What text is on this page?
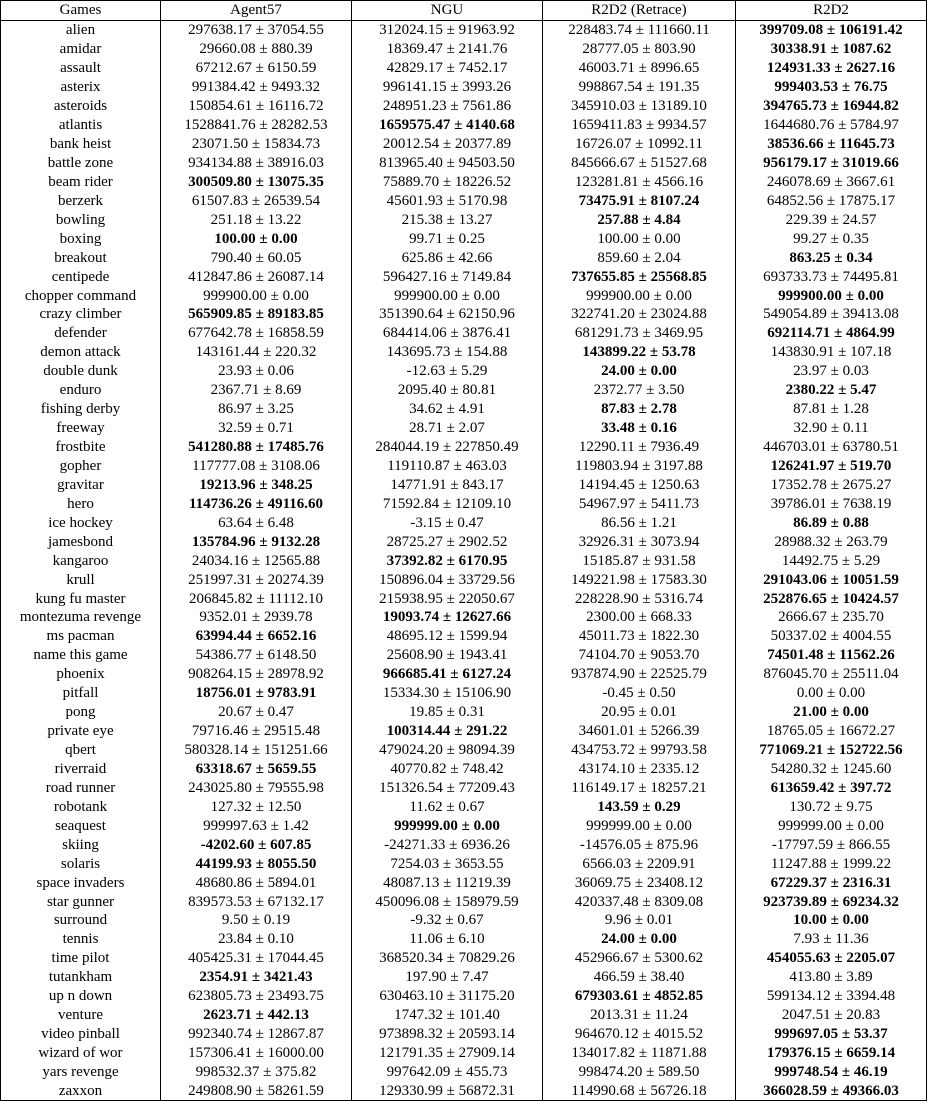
Games	Agent57	NGU	R2D2 (Retrace)	R2D2
alien	297638.17 ± 37054.55	312024.15 ± 91963.92	228483.74 ± 111660.11	399709.08 ± 106191.42
amidar	29660.08 ± 880.39	18369.47 ± 2141.76	28777.05 ± 803.90	30338.91 ± 1087.62
assault	67212.67 ± 6150.59	42829.17 ± 7452.17	46003.71 ± 8996.65	124931.33 ± 2627.16
asterix	991384.42 ± 9493.32	996141.15 ± 3993.26	998867.54 ± 191.35	999403.53 ± 76.75
asteroids	150854.61 ± 16116.72	248951.23 ± 7561.86	345910.03 ± 13189.10	394765.73 ± 16944.82
atlantis	1528841.76 ± 28282.53	1659575.47 ± 4140.68	1659411.83 ± 9934.57	1644680.76 ± 5784.97
bank heist	23071.50 ± 15834.73	20012.54 ± 20377.89	16726.07 ± 10992.11	38536.66 ± 11645.73
battle zone	934134.88 ± 38916.03	813965.40 ± 94503.50	845666.67 ± 51527.68	956179.17 ± 31019.66
beam rider	300509.80 ± 13075.35	75889.70 ± 18226.52	123281.81 ± 4566.16	246078.69 ± 3667.61
berzerk	61507.83 ± 26539.54	45601.93 ± 5170.98	73475.91 ± 8107.24	64852.56 ± 17875.17
bowling	251.18 ± 13.22	215.38 ± 13.27	257.88 ± 4.84	229.39 ± 24.57
boxing	100.00 ± 0.00	99.71 ± 0.25	100.00 ± 0.00	99.27 ± 0.35
breakout	790.40 ± 60.05	625.86 ± 42.66	859.60 ± 2.04	863.25 ± 0.34
centipede	412847.86 ± 26087.14	596427.16 ± 7149.84	737655.85 ± 25568.85	693733.73 ± 74495.81
chopper command	999900.00 ± 0.00	999900.00 ± 0.00	999900.00 ± 0.00	999900.00 ± 0.00
crazy climber	565909.85 ± 89183.85	351390.64 ± 62150.96	322741.20 ± 23024.88	549054.89 ± 39413.08
defender	677642.78 ± 16858.59	684414.06 ± 3876.41	681291.73 ± 3469.95	692114.71 ± 4864.99
demon attack	143161.44 ± 220.32	143695.73 ± 154.88	143899.22 ± 53.78	143830.91 ± 107.18
double dunk	23.93 ± 0.06	-12.63 ± 5.29	24.00 ± 0.00	23.97 ± 0.03
enduro	2367.71 ± 8.69	2095.40 ± 80.81	2372.77 ± 3.50	2380.22 ± 5.47
fishing derby	86.97 ± 3.25	34.62 ± 4.91	87.83 ± 2.78	87.81 ± 1.28
freeway	32.59 ± 0.71	28.71 ± 2.07	33.48 ± 0.16	32.90 ± 0.11
frostbite	541280.88 ± 17485.76	284044.19 ± 227850.49	12290.11 ± 7936.49	446703.01 ± 63780.51
gopher	117777.08 ± 3108.06	119110.87 ± 463.03	119803.94 ± 3197.88	126241.97 ± 519.70
gravitar	19213.96 ± 348.25	14771.91 ± 843.17	14194.45 ± 1250.63	17352.78 ± 2675.27
hero	114736.26 ± 49116.60	71592.84 ± 12109.10	54967.97 ± 5411.73	39786.01 ± 7638.19
ice hockey	63.64 ± 6.48	-3.15 ± 0.47	86.56 ± 1.21	86.89 ± 0.88
jamesbond	135784.96 ± 9132.28	28725.27 ± 2902.52	32926.31 ± 3073.94	28988.32 ± 263.79
kangaroo	24034.16 ± 12565.88	37392.82 ± 6170.95	15185.87 ± 931.58	14492.75 ± 5.29
krull	251997.31 ± 20274.39	150896.04 ± 33729.56	149221.98 ± 17583.30	291043.06 ± 10051.59
kung fu master	206845.82 ± 11112.10	215938.95 ± 22050.67	228228.90 ± 5316.74	252876.65 ± 10424.57
montezuma revenge	9352.01 ± 2939.78	19093.74 ± 12627.66	2300.00 ± 668.33	2666.67 ± 235.70
ms pacman	63994.44 ± 6652.16	48695.12 ± 1599.94	45011.73 ± 1822.30	50337.02 ± 4004.55
name this game	54386.77 ± 6148.50	25608.90 ± 1943.41	74104.70 ± 9053.70	74501.48 ± 11562.26
phoenix	908264.15 ± 28978.92	966685.41 ± 6127.24	937874.90 ± 22525.79	876045.70 ± 25511.04
pitfall	18756.01 ± 9783.91	15334.30 ± 15106.90	-0.45 ± 0.50	0.00 ± 0.00
pong	20.67 ± 0.47	19.85 ± 0.31	20.95 ± 0.01	21.00 ± 0.00
private eye	79716.46 ± 29515.48	100314.44 ± 291.22	34601.01 ± 5266.39	18765.05 ± 16672.27
qbert	580328.14 ± 151251.66	479024.20 ± 98094.39	434753.72 ± 99793.58	771069.21 ± 152722.56
riverraid	63318.67 ± 5659.55	40770.82 ± 748.42	43174.10 ± 2335.12	54280.32 ± 1245.60
road runner	243025.80 ± 79555.98	151326.54 ± 77209.43	116149.17 ± 18257.21	613659.42 ± 397.72
robotank	127.32 ± 12.50	11.62 ± 0.67	143.59 ± 0.29	130.72 ± 9.75
seaquest	999997.63 ± 1.42	999999.00 ± 0.00	999999.00 ± 0.00	999999.00 ± 0.00
skiing	-4202.60 ± 607.85	-24271.33 ± 6936.26	-14576.05 ± 875.96	-17797.59 ± 866.55
solaris	44199.93 ± 8055.50	7254.03 ± 3653.55	6566.03 ± 2209.91	11247.88 ± 1999.22
space invaders	48680.86 ± 5894.01	48087.13 ± 11219.39	36069.75 ± 23408.12	67229.37 ± 2316.31
star gunner	839573.53 ± 67132.17	450096.08 ± 158979.59	420337.48 ± 8309.08	923739.89 ± 69234.32
surround	9.50 ± 0.19	-9.32 ± 0.67	9.96 ± 0.01	10.00 ± 0.00
tennis	23.84 ± 0.10	11.06 ± 6.10	24.00 ± 0.00	7.93 ± 11.36
time pilot	405425.31 ± 17044.45	368520.34 ± 70829.26	452966.67 ± 5300.62	454055.63 ± 2205.07
tutankham	2354.91 ± 3421.43	197.90 ± 7.47	466.59 ± 38.40	413.80 ± 3.89
up n down	623805.73 ± 23493.75	630463.10 ± 31175.20	679303.61 ± 4852.85	599134.12 ± 3394.48
venture	2623.71 ± 442.13	1747.32 ± 101.40	2013.31 ± 11.24	2047.51 ± 20.83
video pinball	992340.74 ± 12867.87	973898.32 ± 20593.14	964670.12 ± 4015.52	999697.05 ± 53.37
wizard of wor	157306.41 ± 16000.00	121791.35 ± 27909.14	134017.82 ± 11871.88	179376.15 ± 6659.14
yars revenge	998532.37 ± 375.82	997642.09 ± 455.73	998474.20 ± 589.50	999748.54 ± 46.19
zaxxon	249808.90 ± 58261.59	129330.99 ± 56872.31	114990.68 ± 56726.18	366028.59 ± 49366.03
